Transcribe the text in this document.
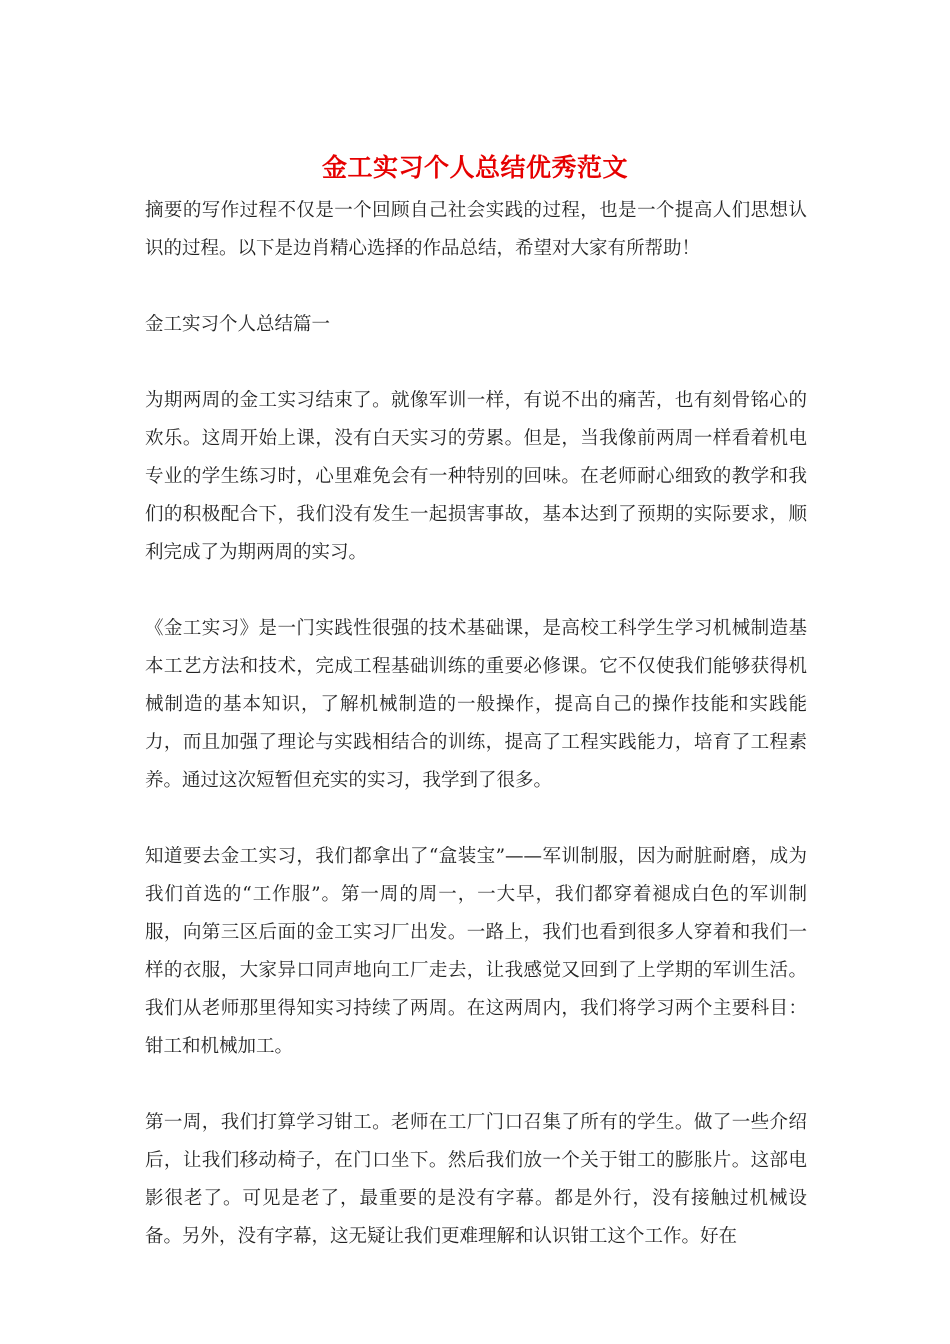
金工实习个人总结优秀范文

摘要的写作过程不仅是一个回顾自己社会实践的过程，也是一个提高人们思想认识的过程。以下是边肖精心选择的作品总结，希望对大家有所帮助！

金工实习个人总结篇一

为期两周的金工实习结束了。就像军训一样，有说不出的痛苦，也有刻骨铭心的欢乐。这周开始上课，没有白天实习的劳累。但是，当我像前两周一样看着机电专业的学生练习时，心里难免会有一种特别的回味。在老师耐心细致的教学和我们的积极配合下，我们没有发生一起损害事故，基本达到了预期的实际要求，顺利完成了为期两周的实习。

《金工实习》是一门实践性很强的技术基础课，是高校工科学生学习机械制造基本工艺方法和技术，完成工程基础训练的重要必修课。它不仅使我们能够获得机械制造的基本知识，了解机械制造的一般操作，提高自己的操作技能和实践能力，而且加强了理论与实践相结合的训练，提高了工程实践能力，培育了工程素养。通过这次短暂但充实的实习，我学到了很多。

知道要去金工实习，我们都拿出了“盒装宝”——军训制服，因为耐脏耐磨，成为我们首选的“工作服”。第一周的周一，一大早，我们都穿着褪成白色的军训制服，向第三区后面的金工实习厂出发。一路上，我们也看到很多人穿着和我们一样的衣服，大家异口同声地向工厂走去，让我感觉又回到了上学期的军训生活。我们从老师那里得知实习持续了两周。在这两周内，我们将学习两个主要科目：钳工和机械加工。

第一周，我们打算学习钳工。老师在工厂门口召集了所有的学生。做了一些介绍后，让我们移动椅子，在门口坐下。然后我们放一个关于钳工的膨胀片。这部电影很老了。可见是老了，最重要的是没有字幕。都是外行，没有接触过机械设备。另外，没有字幕，这无疑让我们更难理解和认识钳工这个工作。好在
